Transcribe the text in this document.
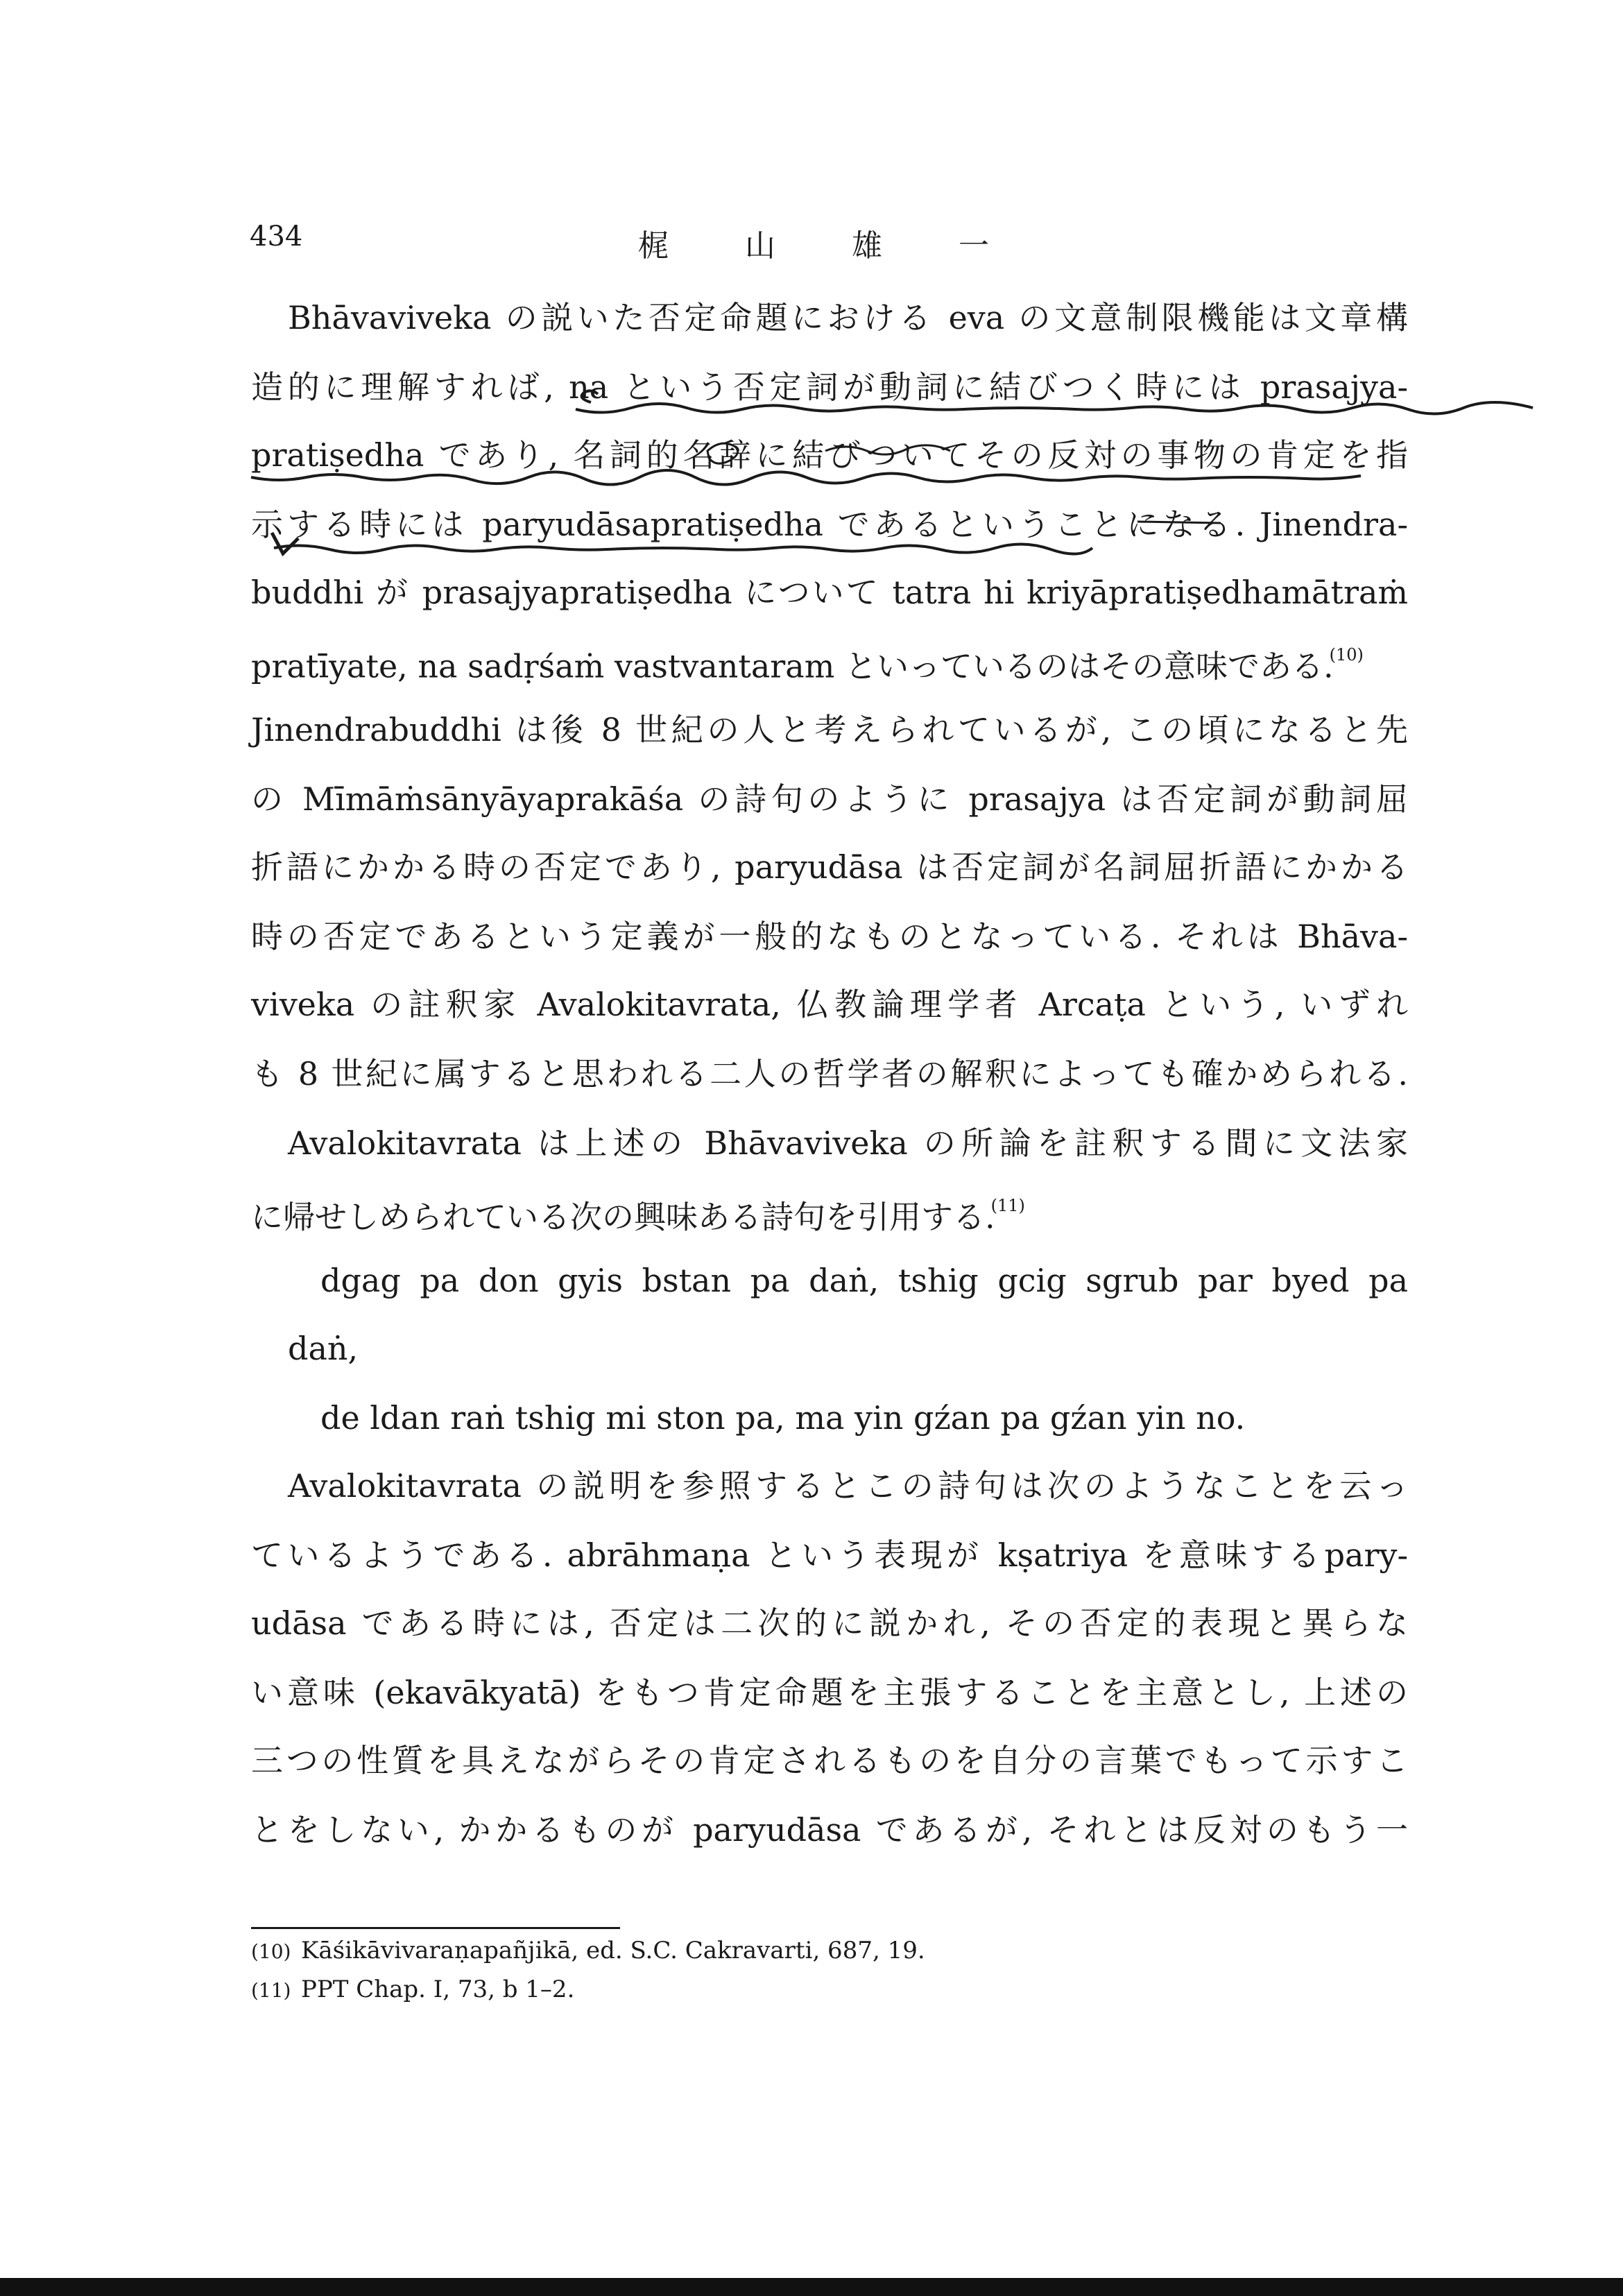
434	梶山雄一
Bhāvaviveka の説いた否定命題における eva の文意制限機能は文章構
造的に理解すれば, na という否定詞が動詞に結びつく時には prasajya-
pratiṣedha であり, 名詞的名辞に結びついてその反対の事物の肯定を指
示する時には paryudāsapratiṣedha であるということになる. Jinendra-
buddhi が prasajyapratiṣedha について tatra hi kriyāpratiṣedhamātraṁ
pratīyate, na sadṛśaṁ vastvantaram といっているのはその意味である.$^{(10)}$
Jinendrabuddhi は後 8 世紀の人と考えられているが, この頃になると先
の Mīmāṁsānyāyaprakāśa の詩句のように prasajya は否定詞が動詞屈
折語にかかる時の否定であり, paryudāsa は否定詞が名詞屈折語にかかる
時の否定であるという定義が一般的なものとなっている. それは Bhāva-
viveka の註釈家 Avalokitavrata, 仏教論理学者 Arcaṭa という, いずれ
も 8 世紀に属すると思われる二人の哲学者の解釈によっても確かめられる.
Avalokitavrata は上述の Bhāvaviveka の所論を註釈する間に文法家
に帰せしめられている次の興味ある詩句を引用する.$^{(11)}$
dgag pa don gyis bstan pa daṅ, tshig gcig sgrub par byed pa
daṅ,
de ldan raṅ tshig mi ston pa, ma yin gźan pa gźan yin no.
Avalokitavrata の説明を参照するとこの詩句は次のようなことを云っ
ているようである. abrāhmaṇa という表現が kṣatriya を意味するpary-
udāsa である時には, 否定は二次的に説かれ, その否定的表現と異らな
い意味 (ekavākyatā) をもつ肯定命題を主張することを主意とし, 上述の
三つの性質を具えながらその肯定されるものを自分の言葉でもって示すこ
とをしない, かかるものが paryudāsa であるが, それとは反対のもう一
(10) Kāśikāvivaraṇapañjikā, ed. S.C. Cakravarti, 687, 19.
(11) PPT Chap. I, 73, b 1–2.
